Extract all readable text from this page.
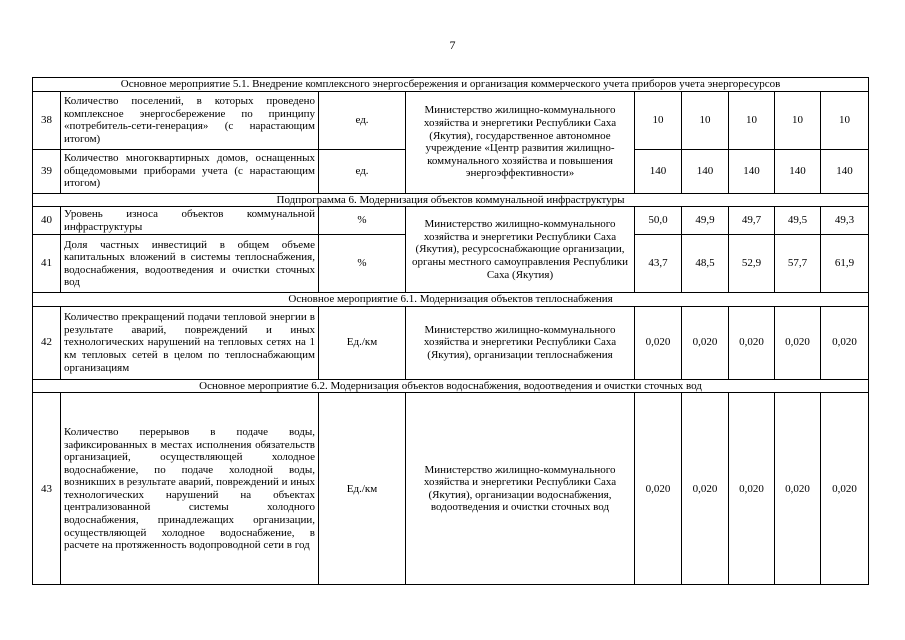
7
Основное мероприятие 5.1. Внедрение комплексного энергосбережения и организация коммерческого учета приборов учета энергоресурсов								
38	Количество поселений, в которых проведено комплексное энергосбережение по принципу «потребитель-сети-генерация» (с нарастающим итогом)	ед.	Министерство жилищно-коммунального хозяйства и энергетики Республики Саха (Якутия), государственное автономное учреждение «Центр развития жилищно-коммунального хозяйства и повышения энергоэффективности»	10	10	10	10	10
39	Количество многоквартирных домов, оснащенных общедомовыми приборами учета (с нарастающим итогом)	ед.		140	140	140	140	140
Подпрограмма 6. Модернизация объектов коммунальной инфраструктуры								
40	Уровень износа объектов коммунальной инфраструктуры	%	Министерство жилищно-коммунального хозяйства и энергетики Республики Саха (Якутия), ресурсоснабжающие организации, органы местного самоуправления Республики Саха (Якутия)	50,0	49,9	49,7	49,5	49,3
41	Доля частных инвестиций в общем объеме капитальных вложений в системы теплоснабжения, водоснабжения, водоотведения и очистки сточных вод	%		43,7	48,5	52,9	57,7	61,9
Основное мероприятие 6.1. Модернизация объектов теплоснабжения								
42	Количество прекращений подачи тепловой энергии в результате аварий, повреждений и иных технологических нарушений на тепловых сетях на 1 км тепловых сетей в целом по теплоснабжающим организациям	Ед./км	Министерство жилищно-коммунального хозяйства и энергетики Республики Саха (Якутия), организации теплоснабжения	0,020	0,020	0,020	0,020	0,020
Основное мероприятие 6.2. Модернизация объектов водоснабжения, водоотведения и очистки сточных вод								
43	Количество перерывов в подаче воды, зафиксированных в местах исполнения обязательств организацией, осуществляющей холодное водоснабжение, по подаче холодной воды, возникших в результате аварий, повреждений и иных технологических нарушений на объектах централизованной системы холодного водоснабжения, принадлежащих организации, осуществляющей холодное водоснабжение, в расчете на протяженность водопроводной сети в год	Ед./км	Министерство жилищно-коммунального хозяйства и энергетики Республики Саха (Якутия), организации водоснабжения, водоотведения и очистки сточных вод	0,020	0,020	0,020	0,020	0,020
